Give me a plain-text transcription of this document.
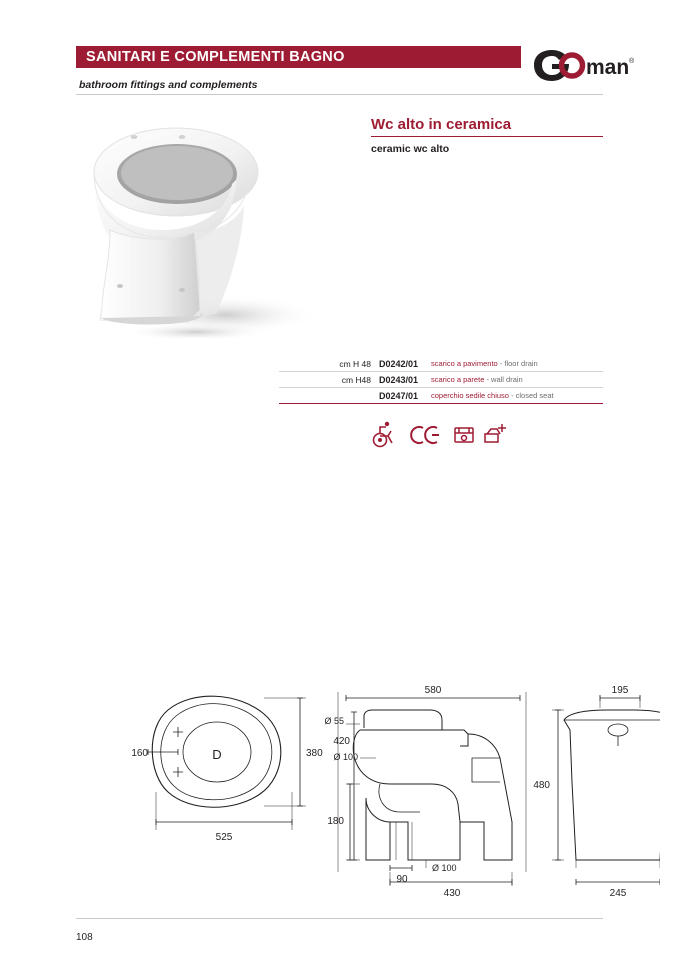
SANITARI E COMPLEMENTI BAGNO
bathroom fittings and complements
man ®
Wc alto in ceramica
ceramic wc alto
cm H 48 D0242/01	scarico a pavimento - floor drain
cm H48 D0243/01	scarico a parete - wall drain
D0247/01	coperchio sedile chiuso - closed seat
D
160	380
525
580
Ø 55
420
Ø 100
180
Ø 100
90
430
195
480
245
108
